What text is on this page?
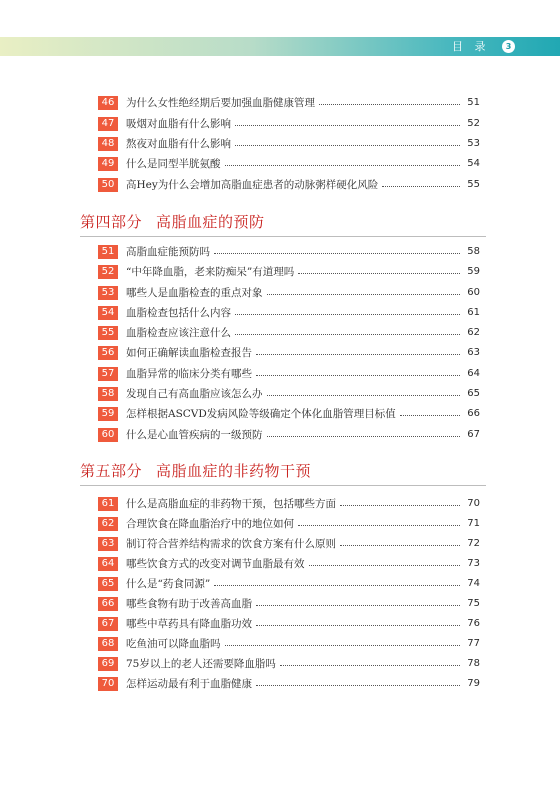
目 录	3
46	为什么女性绝经期后要加强血脂健康管理	51
47	吸烟对血脂有什么影响	52
48	熬夜对血脂有什么影响	53
49	什么是同型半胱氨酸	54
50	高Hey为什么会增加高脂血症患者的动脉粥样硬化风险	55
第四部分 高脂血症的预防
51	高脂血症能预防吗	58
52	“中年降血脂，老来防痴呆”有道理吗	59
53	哪些人是血脂检查的重点对象	60
54	血脂检查包括什么内容	61
55	血脂检查应该注意什么	62
56	如何正确解读血脂检查报告	63
57	血脂异常的临床分类有哪些	64
58	发现自己有高血脂应该怎么办	65
59	怎样根据ASCVD发病风险等级确定个体化血脂管理目标值	66
60	什么是心血管疾病的一级预防	67
第五部分 高脂血症的非药物干预
61	什么是高脂血症的非药物干预，包括哪些方面	70
62	合理饮食在降血脂治疗中的地位如何	71
63	制订符合营养结构需求的饮食方案有什么原则	72
64	哪些饮食方式的改变对调节血脂最有效	73
65	什么是“药食同源”	74
66	哪些食物有助于改善高血脂	75
67	哪些中草药具有降血脂功效	76
68	吃鱼油可以降血脂吗	77
69	75岁以上的老人还需要降血脂吗	78
70	怎样运动最有利于血脂健康	79
